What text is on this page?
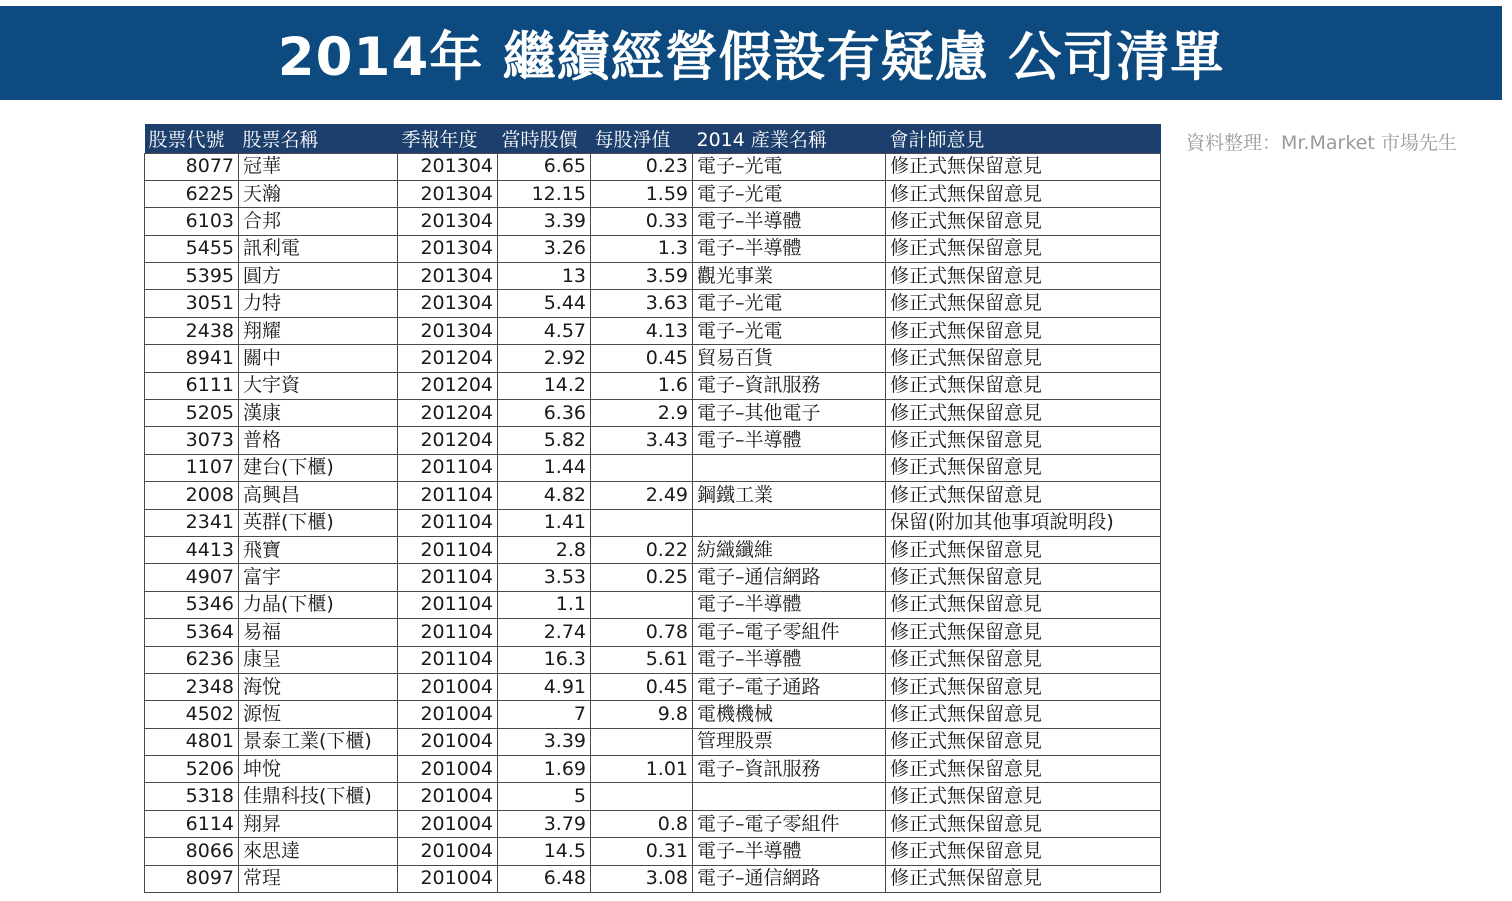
2014年 繼續經營假設有疑慮 公司清單
資料整理：Mr.Market 市場先生
股票代號	股票名稱	季報年度	當時股價	每股淨值	2014 產業名稱	會計師意見
8077	冠華	201304	6.65	0.23	電子–光電	修正式無保留意見
6225	天瀚	201304	12.15	1.59	電子–光電	修正式無保留意見
6103	合邦	201304	3.39	0.33	電子–半導體	修正式無保留意見
5455	訊利電	201304	3.26	1.3	電子–半導體	修正式無保留意見
5395	圓方	201304	13	3.59	觀光事業	修正式無保留意見
3051	力特	201304	5.44	3.63	電子–光電	修正式無保留意見
2438	翔耀	201304	4.57	4.13	電子–光電	修正式無保留意見
8941	關中	201204	2.92	0.45	貿易百貨	修正式無保留意見
6111	大宇資	201204	14.2	1.6	電子–資訊服務	修正式無保留意見
5205	漢康	201204	6.36	2.9	電子–其他電子	修正式無保留意見
3073	普格	201204	5.82	3.43	電子–半導體	修正式無保留意見
1107	建台(下櫃)	201104	1.44			修正式無保留意見
2008	高興昌	201104	4.82	2.49	鋼鐵工業	修正式無保留意見
2341	英群(下櫃)	201104	1.41			保留(附加其他事項說明段)
4413	飛寶	201104	2.8	0.22	紡織纖維	修正式無保留意見
4907	富宇	201104	3.53	0.25	電子–通信網路	修正式無保留意見
5346	力晶(下櫃)	201104	1.1		電子–半導體	修正式無保留意見
5364	易福	201104	2.74	0.78	電子–電子零組件	修正式無保留意見
6236	康呈	201104	16.3	5.61	電子–半導體	修正式無保留意見
2348	海悅	201004	4.91	0.45	電子–電子通路	修正式無保留意見
4502	源恆	201004	7	9.8	電機機械	修正式無保留意見
4801	景泰工業(下櫃)	201004	3.39		管理股票	修正式無保留意見
5206	坤悅	201004	1.69	1.01	電子–資訊服務	修正式無保留意見
5318	佳鼎科技(下櫃)	201004	5			修正式無保留意見
6114	翔昇	201004	3.79	0.8	電子–電子零組件	修正式無保留意見
8066	來思達	201004	14.5	0.31	電子–半導體	修正式無保留意見
8097	常珵	201004	6.48	3.08	電子–通信網路	修正式無保留意見
